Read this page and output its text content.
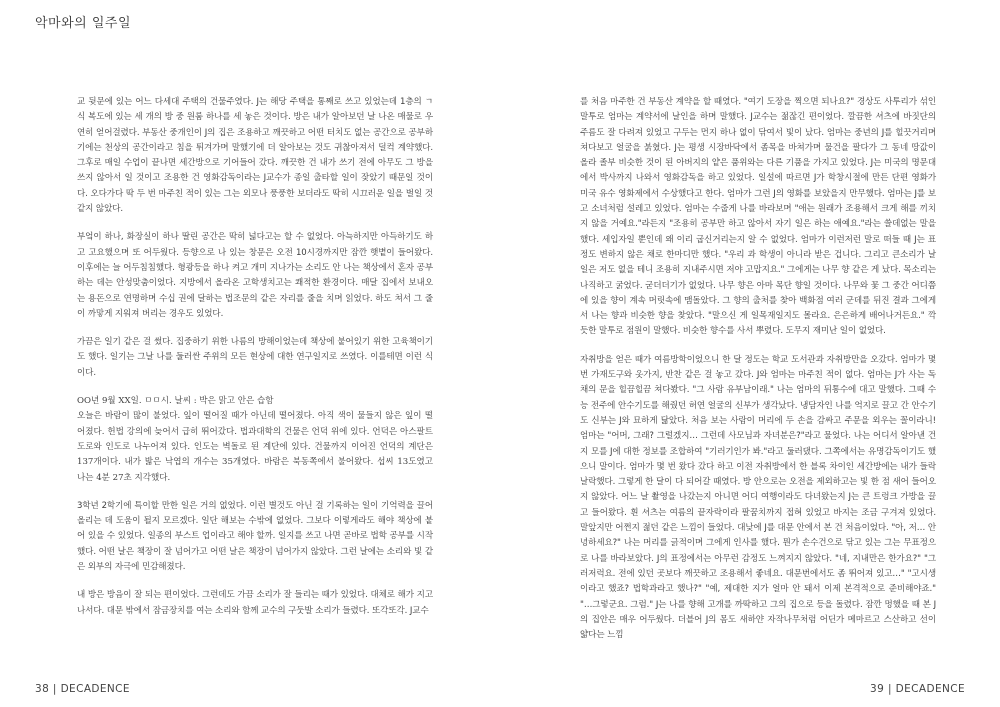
악마와의 일주일

교 뒷문에 있는 어느 다세대 주택의 건물주였다. J는 해당 주택을 통째로 쓰고 있었는데 1층의 ㄱ식 복도에 있는 세 개의 방 중 원룸 하나를 세 놓은 것이다. 방은 내가 알아보던 날 나온 매물로 우연히 얻어걸렸다. 부동산 중개인이 J의 집은 조용하고 깨끗하고 어떤 터치도 없는 공간으로 공부하기에는 천상의 공간이라고 침을 튀겨가며 말했기에 더 알아보는 것도 귀찮아져서 덜컥 계약했다. 그후로 매일 수업이 끝나면 세간방으로 기어들어 갔다. 깨끗한 건 내가 쓰기 전에 아무도 그 방을 쓰지 않아서 일 것이고 조용한 건 영화감독이라는 J교수가 종일 출타할 일이 잦았기 때문일 것이다. 오다가다 딱 두 번 마주친 적이 있는 그는 외모나 풍풍한 보더라도 딱히 시끄러운 일을 벌일 것 같지 않았다.

부엌이 하나, 화장실이 하나 딸린 공간은 딱히 넓다고는 할 수 없었다. 아늑하지만 아득하기도 하고 고요했으며 또 어두웠다. 등향으로 나 있는 창문은 오전 10시경까지만 잠깐 햇볕이 들어왔다. 이후에는 늘 어두침침했다. 형광등을 하나 켜고 개미 지나가는 소리도 안 나는 책상에서 혼자 공부하는 데는 안성맞춤이었다. 지방에서 올라온 고학생치고는 쾌적한 환경이다. 매달 집에서 보내오는 용돈으로 연명하며 수십 권에 달하는 법조문의 같은 자리를 줄을 치며 읽었다. 하도 쳐서 그 줄이 까맣게 지워져 버리는 경우도 있었다.

가끔은 일기 같은 걸 썼다. 집중하기 위한 나름의 방해이었는데 책상에 붙어있기 위한 고육책이기도 했다. 일기는 그날 나를 둘러싼 주위의 모든 현상에 대한 연구일지로 쓰였다. 이를테면 이런 식이다.

OO년 9월 XX일. ㅁㅁ시. 날씨 : 박은 맑고 안은 습함
오늘은 바람이 많이 불었다. 잎이 떨어질 때가 아닌데 떨어졌다. 아직 색이 물들지 않은 잎이 떨어졌다. 헌법 강의에 늦어서 급히 뛰어갔다. 법과대학의 건물은 언덕 위에 있다. 언덕은 아스팔트 도로와 인도로 나누어져 있다. 인도는 벽돌로 된 계단에 있다. 건물까지 이어진 언덕의 계단은 137개이다. 내가 밟은 낙엽의 개수는 35개였다. 바람은 북동쪽에서 불어왔다. 섭씨 13도였고 나는 4분 27초 지각했다.

3학년 2학기에 특이할 만한 일은 거의 없었다. 이런 별것도 아닌 걸 기록하는 일이 기억력을 끌어올리는 데 도움이 될지 모르겠다. 일단 해보는 수밖에 없었다. 그보다 이렇게라도 해야 책상에 붙어 있을 수 있었다. 일종의 부스트 업이라고 해야 할까. 일지를 쓰고 나면 곧바로 법학 공부를 시작했다. 어떤 날은 책장이 잘 넘어가고 어떤 날은 책장이 넘어가지 않았다. 그런 날에는 소리와 빛 같은 외부의 자극에 민감해졌다.

내 방은 방음이 잘 되는 편이었다. 그런데도 가끔 소리가 잘 들리는 때가 있었다. 대체로 해가 지고 나서다. 대문 밖에서 잠금장치를 여는 소리와 함께 교수의 구둣발 소리가 들렸다. 또각또각. J교수

를 처음 마주한 건 부동산 계약을 할 때였다. "여기 도장을 찍으면 되나요?" 경상도 사투리가 섞인 말투로 엄마는 계약서에 날인을 하며 말했다. J교수는 젊잖긴 편이었다. 깔끔한 셔츠에 바짓단의 주름도 잘 다려져 있었고 구두는 먼지 하나 없이 닦여서 빛이 났다. 엄마는 중년의 J를 힐끗거리며 쳐다보고 얼굴을 붉혔다. J는 평생 시장바닥에서 좀목을 바쳐가며 물건을 팔다가 그 동네 땅값이 올라 졸부 비슷한 것이 된 아버지의 얕은 품위와는 다른 기품을 가지고 있었다. J는 미국의 명문대에서 박사까지 나와서 영화감독을 하고 있었다. 일설에 따르면 J가 학창시절에 만든 단편 영화가 미국 유수 영화제에서 수상했다고 한다. 엄마가 그런 J의 영화를 보았을지 만무했다. 엄마는 J를 보고 소녀처럼 설레고 있었다. 엄마는 수줍게 나를 바라보며 "애는 원래가 조용해서 크게 해를 끼치지 않을 거예요."라든지 "조용히 공부만 하고 않아서 자기 일은 하는 애예요."라는 쓸데없는 말을 했다. 세입자일 뿐인데 왜 이리 굽신거리는지 알 수 없었다. 엄마가 이런저런 말로 떠들 때 J는 표정도 변하지 않은 채로 한마디만 했다. "우리 과 학생이 아니라 받은 겁니다. 그리고 큰소리가 날 일은 저도 없을 테니 조용히 지내주시면 저야 고맙지요." 그에게는 나무 향 같은 게 났다. 목소리는 나직하고 굵었다. 굳더더기가 없었다. 나무 향은 아마 목단 향일 것이다. 나무와 꽃 그 중간 어디쯤에 있을 향이 계속 머릿속에 맴돌았다. 그 향의 출처를 찾아 백화점 여러 군데를 뒤진 결과 그에게서 나는 향과 비슷한 향을 찾았다. "말으신 게 일목재일지도 몰라요. 은은하게 배어나거든요." 깍듯한 말투로 점원이 말했다. 비슷한 향수를 사서 뿌렸다. 도무지 재미난 일이 없었다.

자취방을 얻은 때가 여름방학이었으니 한 달 정도는 학교 도서관과 자취방만을 오갔다. 엄마가 몇 번 가재도구와 옷가지, 반찬 같은 걸 놓고 갔다. J와 엄마는 마주친 적이 없다. 엄마는 J가 사는 독채의 문을 힐끔힐끔 쳐다봤다. "그 사람 유부남이래." 나는 엄마의 뒤통수에 대고 말했다. 그때 수능 전주에 안수기도를 해줬던 허연 얼굴의 신부가 생각났다. 냉담자인 나를 억지로 끌고 간 안수기도 신부는 J와 묘하게 닮았다. 처음 보는 사람이 머리에 두 손을 감싸고 주문을 외우는 꼴이라니! 엄마는 "어머, 그래? 그럴겠지… 그런데 사모님과 자녀분은?"라고 물었다. 나는 어디서 알아낸 건지 모를 J에 대한 정보를 조합하여 "기러기인가 봐."라고 둘러댔다. 그쪽에서는 유명감독이기도 했으니 말이다. 엄마가 몇 번 왔다 갔다 하고 이전 자취방에서 한 블록 차이인 세간방에는 내가 들락날락했다. 그렇게 한 달이 다 되어갈 때였다. 방 안으로는 오전을 제외하고는 빛 한 점 새어 들어오지 않았다. 어느 날 촬영을 나갔는지 아니면 어디 여행이라도 다녀왔는지 J는 큰 트렁크 가방을 끌고 들어왔다. 흰 셔츠는 여름의 끝자락이라 팔꿈치까지 접혀 있었고 바지는 조금 구겨져 있었다. 말앞지만 어쩐지 젊던 같은 느낌이 들었다. 대낮에 J를 대문 안에서 본 건 처음이었다. "아, 저… 안녕하세요?" 나는 머리를 긁적이며 그에게 인사를 했다. 뭔가 손수건으로 닦고 있는 그는 무표정으로 나를 바라보았다. J의 표정에서는 아무런 감정도 느껴지지 않았다. "네, 지내만은 한가요?" "그러저럭요. 전에 있던 곳보다 깨끗하고 조용해서 좋네요. 대문번에서도 좀 뛰어져 있고…" "고시생이라고 했죠? 법학과라고 했나?" "예, 제대한 지가 얼마 안 돼서 이제 본격적으로 준비해야죠." "…그렇군요. 그럼." J는 나를 향해 고개를 까딱하고 그의 집으로 등을 돌렸다. 잠깐 멍했을 때 본 J의 집안은 매우 어두웠다. 더블어 J의 몸도 새하얀 자작나무처럼 어딘가 메마르고 스산하고 선이 얇다는 느낌

38 | DECADENCE	39 | DECADENCE
